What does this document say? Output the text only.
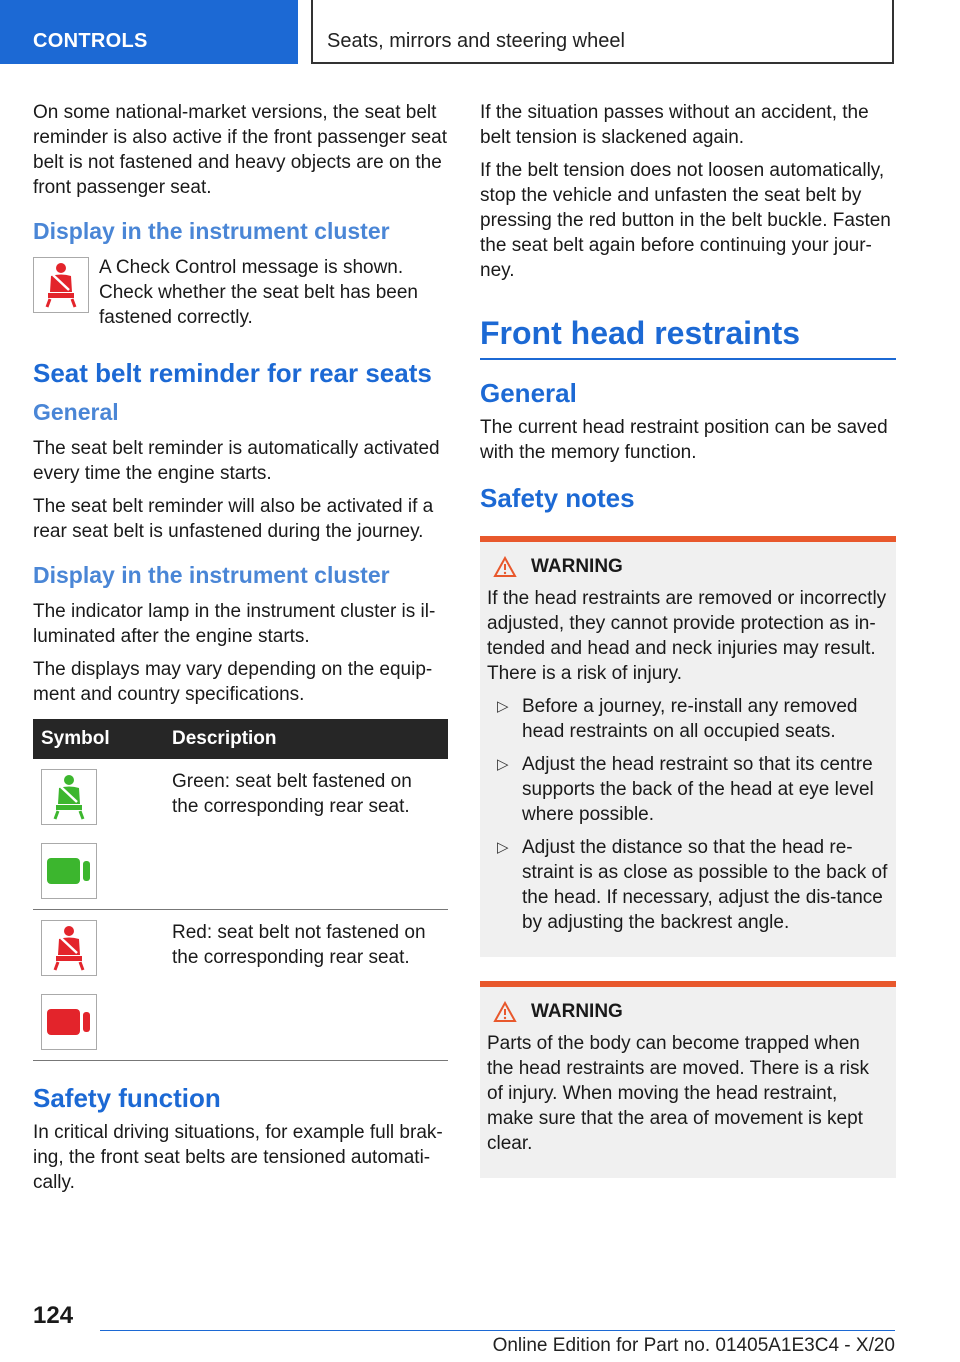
CONTROLS	Seats, mirrors and steering wheel

On some national-market versions, the seat belt reminder is also active if the front passenger seat belt is not fastened and heavy objects are on the front passenger seat.

Display in the instrument cluster

A Check Control message is shown. Check whether the seat belt has been fastened correctly.

Seat belt reminder for rear seats
General

The seat belt reminder is automatically activated every time the engine starts.

The seat belt reminder will also be activated if a rear seat belt is unfastened during the journey.

Display in the instrument cluster

The indicator lamp in the instrument cluster is il-luminated after the engine starts.

The displays may vary depending on the equip-ment and country specifications.

Symbol	Description

	Green: seat belt fastened on the corresponding rear seat.

	Red: seat belt not fastened on the corresponding rear seat.
Safety function

In critical driving situations, for example full brak-ing, the front seat belts are tensioned automati-cally.

If the situation passes without an accident, the belt tension is slackened again.

If the belt tension does not loosen automatically, stop the vehicle and unfasten the seat belt by pressing the red button in the belt buckle. Fasten the seat belt again before continuing your jour-ney.

Front head restraints
General

The current head restraint position can be saved with the memory function.

Safety notes
WARNING

If the head restraints are removed or incorrectly adjusted, they cannot provide protection as in-tended and head and neck injuries may result. There is a risk of injury.

▷ Before a journey, re-install any removed head restraints on all occupied seats.
▷ Adjust the head restraint so that its centre supports the back of the head at eye level where possible.
▷ Adjust the distance so that the head re-straint is as close as possible to the back of the head. If necessary, adjust the dis-tance by adjusting the backrest angle.
WARNING

Parts of the body can become trapped when the head restraints are moved. There is a risk of injury. When moving the head restraint, make sure that the area of movement is kept clear.

124
Online Edition for Part no. 01405A1E3C4 - X/20
